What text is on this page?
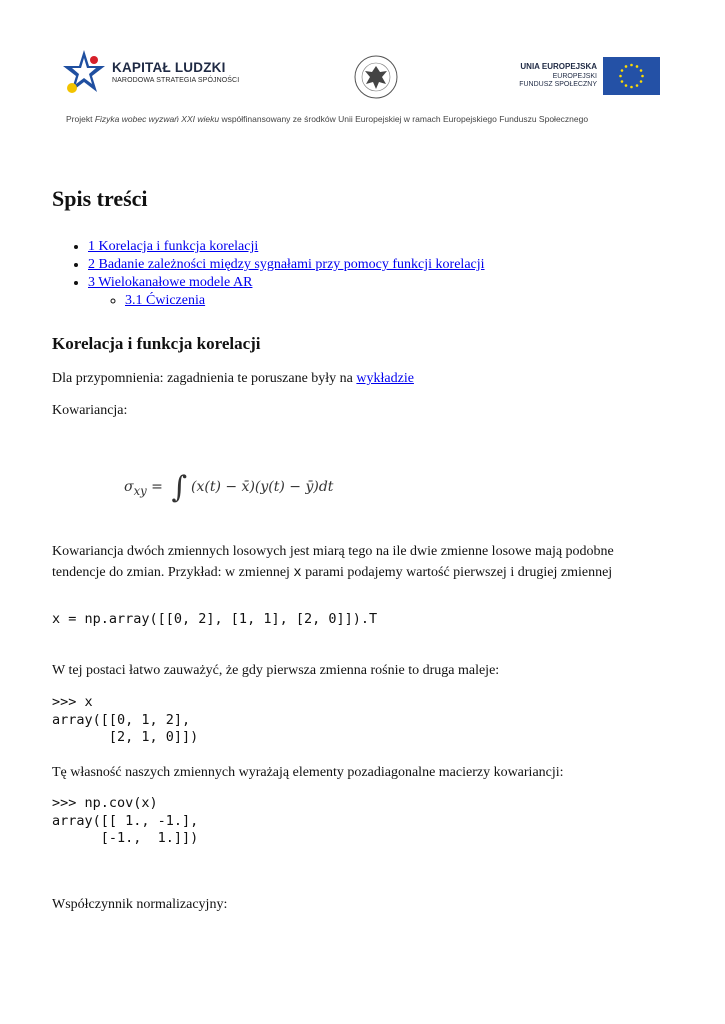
KAPITAŁ LUDZKI
NARODOWA STRATEGIA SPÓJNOŚCI
UNIA EUROPEJSKA
EUROPEJSKI
FUNDUSZ SPOŁECZNY
Projekt Fizyka wobec wyzwań XXI wieku współfinansowany ze środków Unii Europejskiej w ramach Europejskiego Funduszu Społecznego
Spis treści
• 1 Korelacja i funkcja korelacji
• 2 Badanie zależności między sygnałami przy pomocy funkcji korelacji
• 3 Wielokanałowe modele AR
◦ 3.1 Ćwiczenia
Korelacja i funkcja korelacji

Dla przypomnienia: zagadnienia te poruszane były na wykładzie

Kowariancja:

$\sigma_{xy}$ = ∫ (x(t) − x̄)(y(t) − ȳ)dt

Kowariancja dwóch zmiennych losowych jest miarą tego na ile dwie zmienne losowe mają podobne
tendencje do zmian. Przykład: w zmiennej x parami podajemy wartość pierwszej i drugiej zmiennej

x = np.array([[0, 2], [1, 1], [2, 0]]).T

W tej postaci łatwo zauważyć, że gdy pierwsza zmienna rośnie to druga maleje:

>>> x
array([[0, 1, 2],
[2, 1, 0]])

Tę własność naszych zmiennych wyrażają elementy pozadiagonalne macierzy kowariancji:

>>> np.cov(x)
array([[ 1., -1.],
[-1.,  1.]])

Współczynnik normalizacyjny:
